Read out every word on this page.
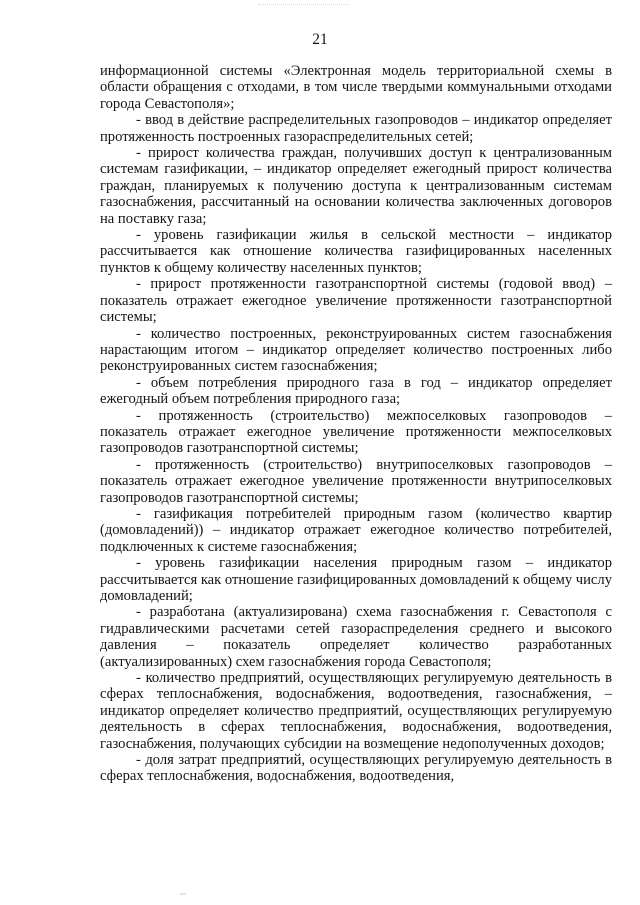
21

информационной системы «Электронная модель территориальной схемы в области обращения с отходами, в том числе твердыми коммунальными отходами города Севастополя»;

- ввод в действие распределительных газопроводов – индикатор определяет протяженность построенных газораспределительных сетей;

- прирост количества граждан, получивших доступ к централизованным системам газификации, – индикатор определяет ежегодный прирост количества граждан, планируемых к получению доступа к централизованным системам газоснабжения, рассчитанный на основании количества заключенных договоров на поставку газа;

- уровень газификации жилья в сельской местности – индикатор рассчитывается как отношение количества газифицированных населенных пунктов к общему количеству населенных пунктов;

- прирост протяженности газотранспортной системы (годовой ввод) – показатель отражает ежегодное увеличение протяженности газотранспортной системы;

- количество построенных, реконструированных систем газоснабжения нарастающим итогом – индикатор определяет количество построенных либо реконструированных систем газоснабжения;

- объем потребления природного газа в год – индикатор определяет ежегодный объем потребления природного газа;

- протяженность (строительство) межпоселковых газопроводов – показатель отражает ежегодное увеличение протяженности межпоселковых газопроводов газотранспортной системы;

- протяженность (строительство) внутрипоселковых газопроводов – показатель отражает ежегодное увеличение протяженности внутрипоселковых газопроводов газотранспортной системы;

- газификация потребителей природным газом (количество квартир (домовладений)) – индикатор отражает ежегодное количество потребителей, подключенных к системе газоснабжения;

- уровень газификации населения природным газом – индикатор рассчитывается как отношение газифицированных домовладений к общему числу домовладений;

- разработана (актуализирована) схема газоснабжения г. Севастополя с гидравлическими расчетами сетей газораспределения среднего и высокого давления – показатель определяет количество разработанных (актуализированных) схем газоснабжения города Севастополя;

- количество предприятий, осуществляющих регулируемую деятельность в сферах теплоснабжения, водоснабжения, водоотведения, газоснабжения, – индикатор определяет количество предприятий, осуществляющих регулируемую деятельность в сферах теплоснабжения, водоснабжения, водоотведения, газоснабжения, получающих субсидии на возмещение недополученных доходов;

- доля затрат предприятий, осуществляющих регулируемую деятельность в сферах теплоснабжения, водоснабжения, водоотведения,
